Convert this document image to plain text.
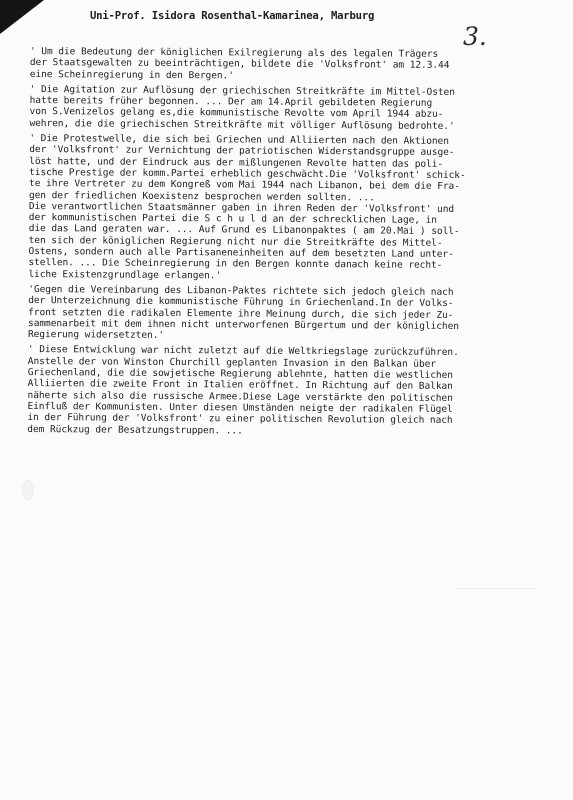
Uni-Prof. Isidora Rosenthal-Kamarinea, Marburg
3.
' Um die Bedeutung der königlichen Exilregierung als des legalen Trägers
der Staatsgewalten zu beeinträchtigen, bildete die 'Volksfront' am 12.3.44
eine Scheinregierung in den Bergen.'
' Die Agitation zur Auflösung der griechischen Streitkräfte im Mittel-Osten
hatte bereits früher begonnen. ... Der am 14.April gebildeten Regierung
von S.Venizelos gelang es,die kommunistische Revolte vom April 1944 abzu-
wehren, die die griechischen Streitkräfte mit völliger Auflösung bedrohte.'
' Die Protestwelle, die sich bei Griechen und Alliierten nach den Aktionen
der 'Volksfront' zur Vernichtung der patriotischen Widerstandsgruppe ausge-
löst hatte, und der Eindruck aus der mißlungenen Revolte hatten das poli-
tische Prestige der komm.Partei erheblich geschwächt.Die 'Volksfront' schick-
te ihre Vertreter zu dem Kongreß vom Mai 1944 nach Libanon, bei dem die Fra-
gen der friedlichen Koexistenz besprochen werden sollten. ...
Die verantwortlichen Staatsmänner gaben in ihren Reden der 'Volksfront' und
der kommunistischen Partei die S c h u l d an der schrecklichen Lage, in
die das Land geraten war. ... Auf Grund es Libanonpaktes ( am 20.Mai ) soll-
ten sich der königlichen Regierung nicht nur die Streitkräfte des Mittel-
Ostens, sondern auch alle Partisaneneinheiten auf dem besetzten Land unter-
stellen. ... Die Scheinregierung in den Bergen konnte danach keine recht-
liche Existenzgrundlage erlangen.'
'Gegen die Vereinbarung des Libanon-Paktes richtete sich jedoch gleich nach
der Unterzeichnung die kommunistische Führung in Griechenland.In der Volks-
front setzten die radikalen Elemente ihre Meinung durch, die sich jeder Zu-
sammenarbeit mit dem ihnen nicht unterworfenen Bürgertum und der königlichen
Regierung widersetzten.'
' Diese Entwicklung war nicht zuletzt auf die Weltkriegslage zurückzuführen.
Anstelle der von Winston Churchill geplanten Invasion in den Balkan über
Griechenland, die die sowjetische Regierung ablehnte, hatten die westlichen
Alliierten die zweite Front in Italien eröffnet. In Richtung auf den Balkan
näherte sich also die russische Armee.Diese Lage verstärkte den politischen
Einfluß der Kommunisten. Unter diesen Umständen neigte der radikalen Flügel
in der Führung der 'Volksfront' zu einer politischen Revolution gleich nach
dem Rückzug der Besatzungstruppen. ...
